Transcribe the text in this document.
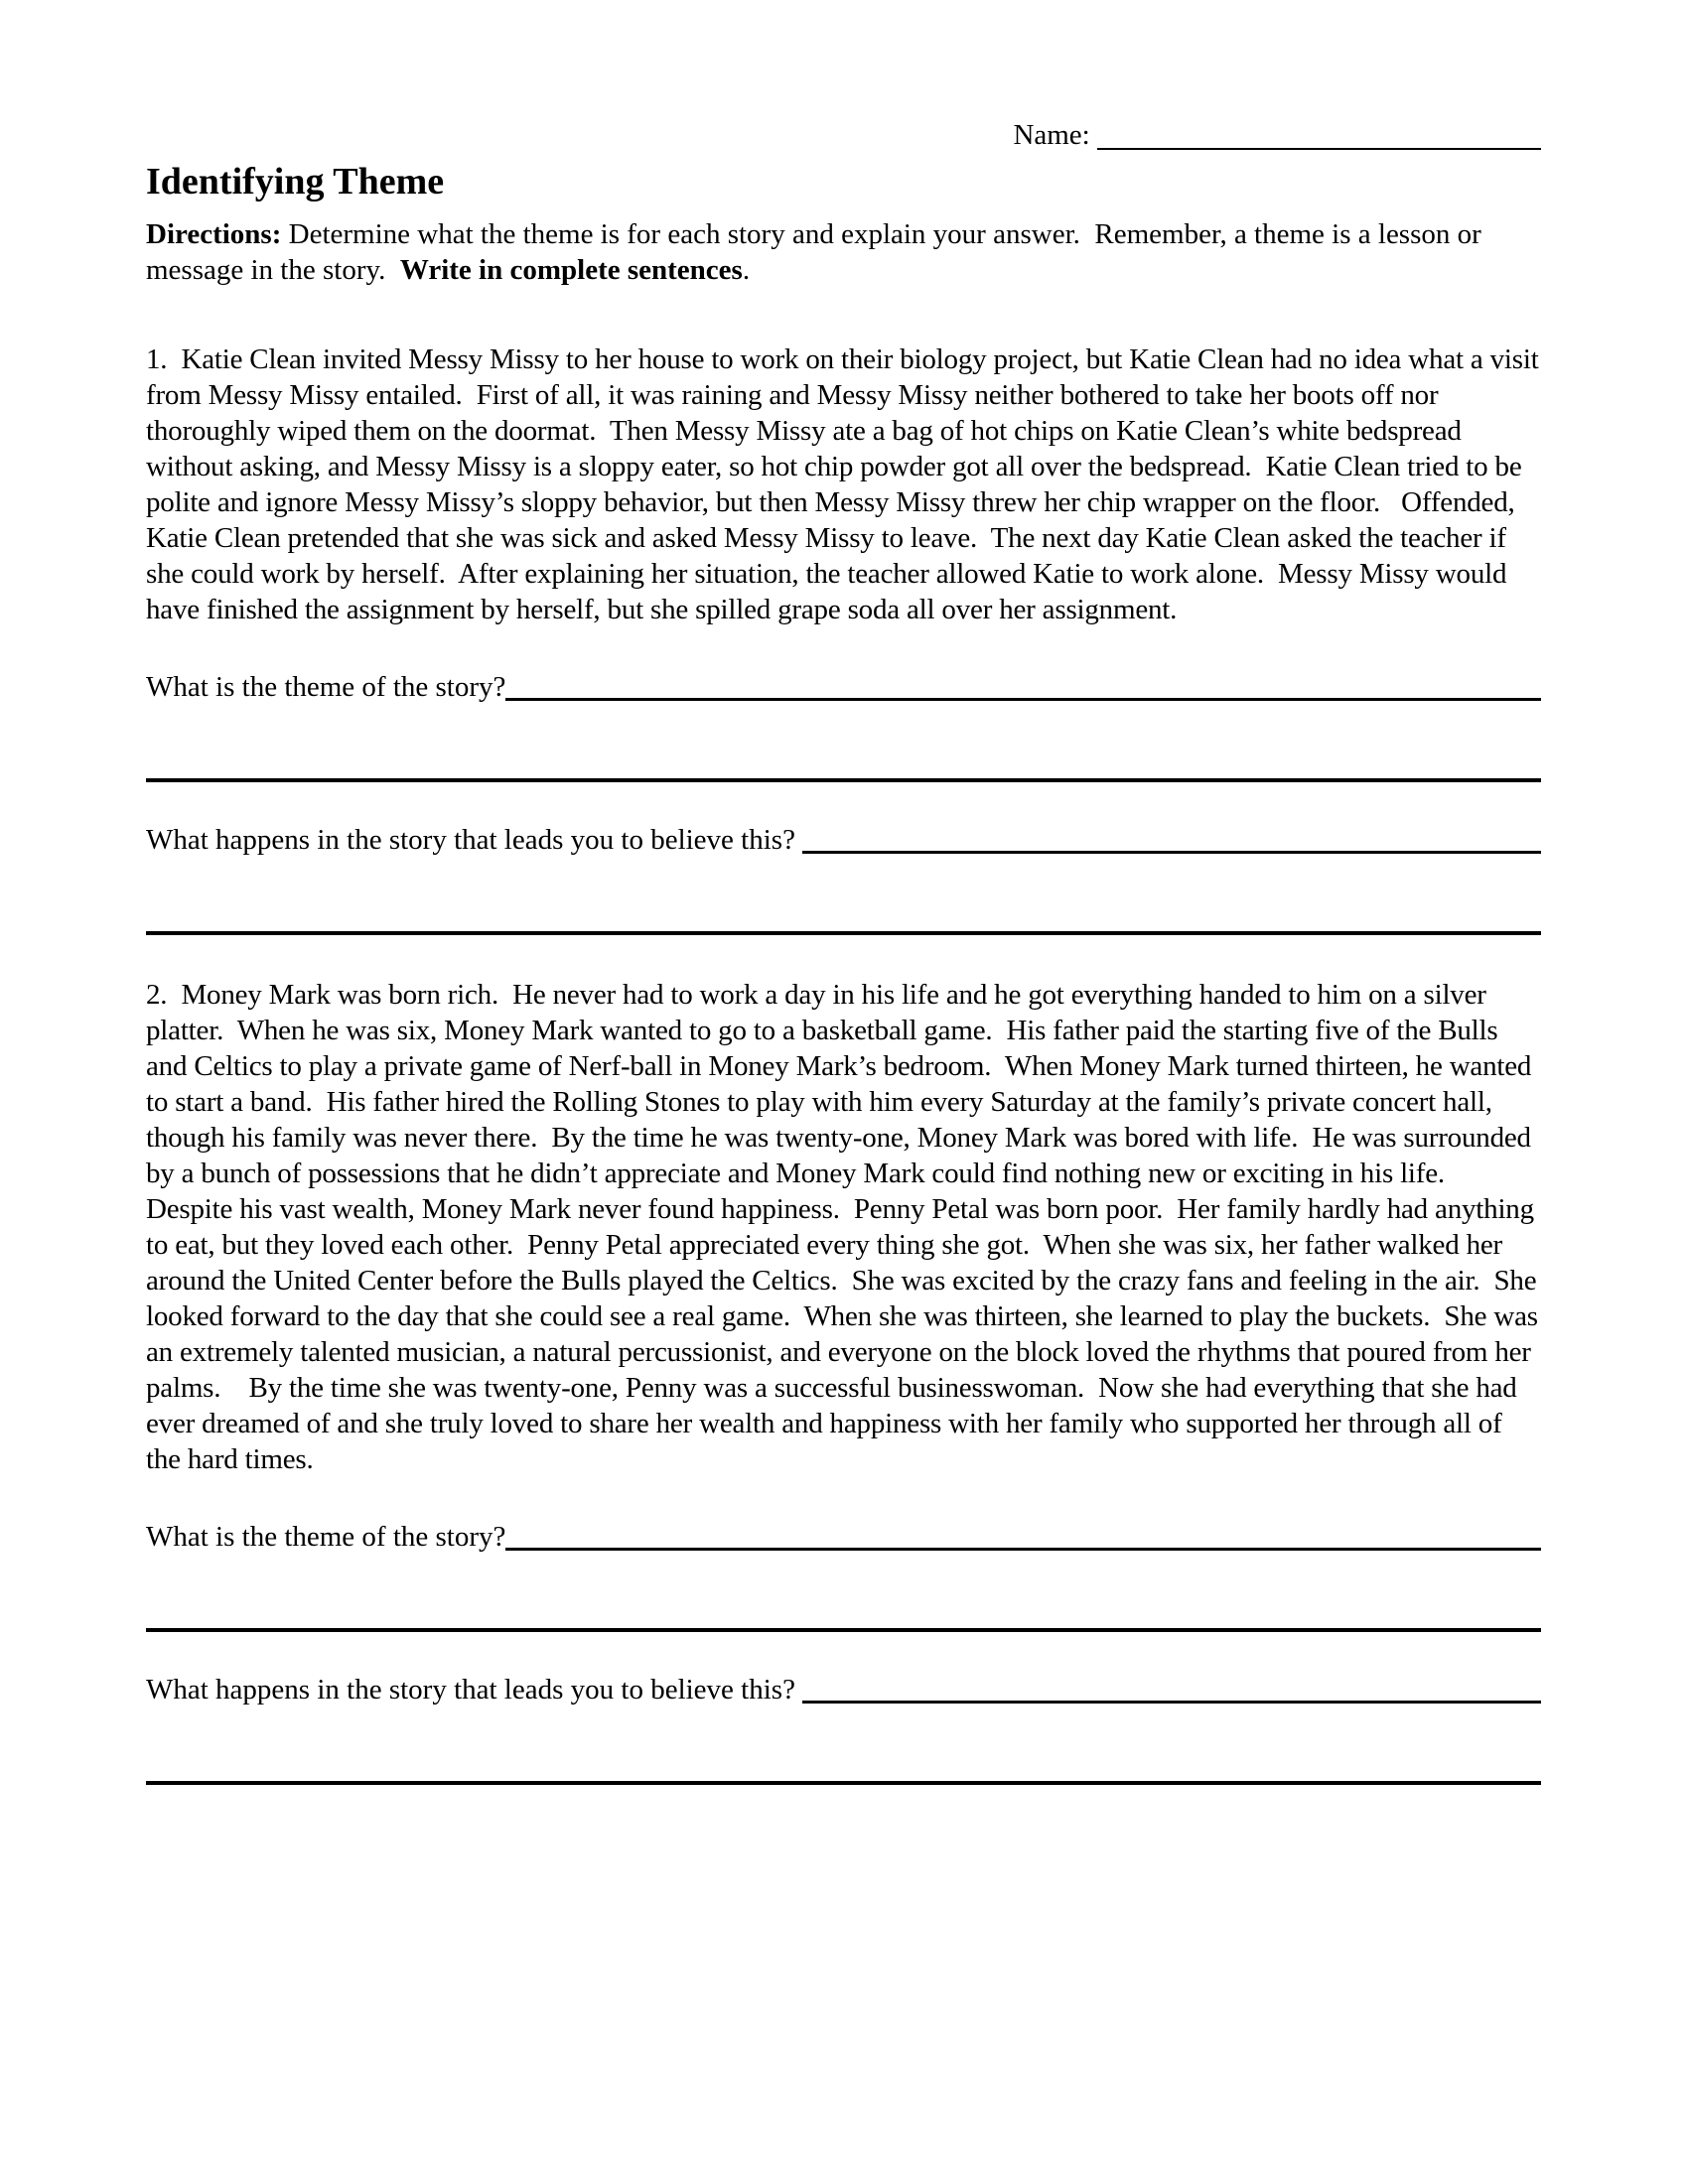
Name:
Identifying Theme

Directions: Determine what the theme is for each story and explain your answer.  Remember, a theme is a lesson or message in the story.  Write in complete sentences.

1.  Katie Clean invited Messy Missy to her house to work on their biology project, but Katie Clean had no idea what a visit from Messy Missy entailed.  First of all, it was raining and Messy Missy neither bothered to take her boots off nor thoroughly wiped them on the doormat.  Then Messy Missy ate a bag of hot chips on Katie Clean’s white bedspread without asking, and Messy Missy is a sloppy eater, so hot chip powder got all over the bedspread.  Katie Clean tried to be polite and ignore Messy Missy’s sloppy behavior, but then Messy Missy threw her chip wrapper on the floor.   Offended, Katie Clean pretended that she was sick and asked Messy Missy to leave.  The next day Katie Clean asked the teacher if she could work by herself.  After explaining her situation, the teacher allowed Katie to work alone.  Messy Missy would have finished the assignment by herself, but she spilled grape soda all over her assignment.

What is the theme of the story?
What happens in the story that leads you to believe this?

2.  Money Mark was born rich.  He never had to work a day in his life and he got everything handed to him on a silver platter.  When he was six, Money Mark wanted to go to a basketball game.  His father paid the starting five of the Bulls and Celtics to play a private game of Nerf-ball in Money Mark’s bedroom.  When Money Mark turned thirteen, he wanted to start a band.  His father hired the Rolling Stones to play with him every Saturday at the family’s private concert hall, though his family was never there.  By the time he was twenty-one, Money Mark was bored with life.  He was surrounded by a bunch of possessions that he didn’t appreciate and Money Mark could find nothing new or exciting in his life.  Despite his vast wealth, Money Mark never found happiness.  Penny Petal was born poor.  Her family hardly had anything to eat, but they loved each other.  Penny Petal appreciated every thing she got.  When she was six, her father walked her around the United Center before the Bulls played the Celtics.  She was excited by the crazy fans and feeling in the air.  She looked forward to the day that she could see a real game.  When she was thirteen, she learned to play the buckets.  She was an extremely talented musician, a natural percussionist, and everyone on the block loved the rhythms that poured from her palms.    By the time she was twenty-one, Penny was a successful businesswoman.  Now she had everything that she had ever dreamed of and she truly loved to share her wealth and happiness with her family who supported her through all of the hard times.

What is the theme of the story?
What happens in the story that leads you to believe this?
